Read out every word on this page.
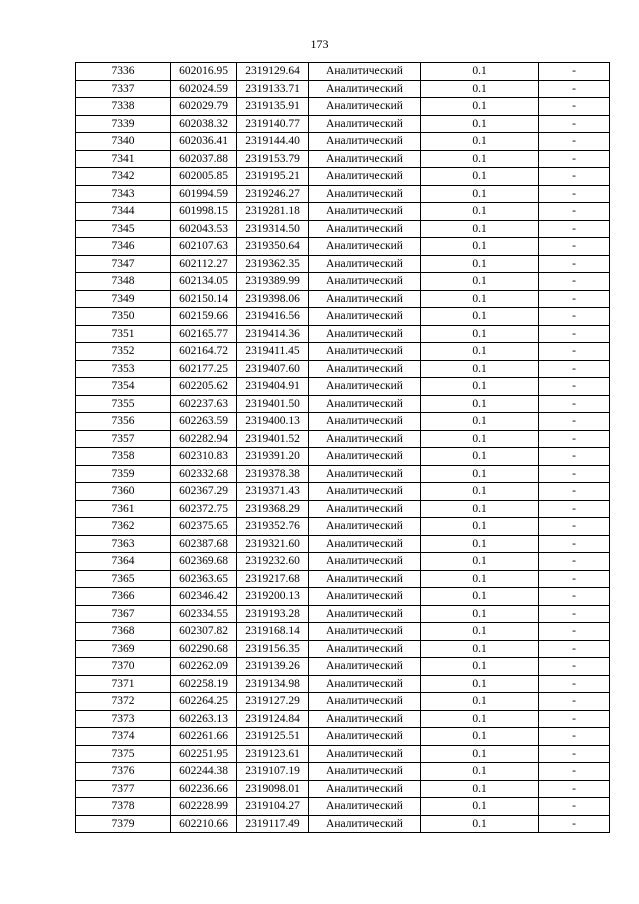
173
7336	602016.95	2319129.64	Аналитический	0.1	-
7337	602024.59	2319133.71	Аналитический	0.1	-
7338	602029.79	2319135.91	Аналитический	0.1	-
7339	602038.32	2319140.77	Аналитический	0.1	-
7340	602036.41	2319144.40	Аналитический	0.1	-
7341	602037.88	2319153.79	Аналитический	0.1	-
7342	602005.85	2319195.21	Аналитический	0.1	-
7343	601994.59	2319246.27	Аналитический	0.1	-
7344	601998.15	2319281.18	Аналитический	0.1	-
7345	602043.53	2319314.50	Аналитический	0.1	-
7346	602107.63	2319350.64	Аналитический	0.1	-
7347	602112.27	2319362.35	Аналитический	0.1	-
7348	602134.05	2319389.99	Аналитический	0.1	-
7349	602150.14	2319398.06	Аналитический	0.1	-
7350	602159.66	2319416.56	Аналитический	0.1	-
7351	602165.77	2319414.36	Аналитический	0.1	-
7352	602164.72	2319411.45	Аналитический	0.1	-
7353	602177.25	2319407.60	Аналитический	0.1	-
7354	602205.62	2319404.91	Аналитический	0.1	-
7355	602237.63	2319401.50	Аналитический	0.1	-
7356	602263.59	2319400.13	Аналитический	0.1	-
7357	602282.94	2319401.52	Аналитический	0.1	-
7358	602310.83	2319391.20	Аналитический	0.1	-
7359	602332.68	2319378.38	Аналитический	0.1	-
7360	602367.29	2319371.43	Аналитический	0.1	-
7361	602372.75	2319368.29	Аналитический	0.1	-
7362	602375.65	2319352.76	Аналитический	0.1	-
7363	602387.68	2319321.60	Аналитический	0.1	-
7364	602369.68	2319232.60	Аналитический	0.1	-
7365	602363.65	2319217.68	Аналитический	0.1	-
7366	602346.42	2319200.13	Аналитический	0.1	-
7367	602334.55	2319193.28	Аналитический	0.1	-
7368	602307.82	2319168.14	Аналитический	0.1	-
7369	602290.68	2319156.35	Аналитический	0.1	-
7370	602262.09	2319139.26	Аналитический	0.1	-
7371	602258.19	2319134.98	Аналитический	0.1	-
7372	602264.25	2319127.29	Аналитический	0.1	-
7373	602263.13	2319124.84	Аналитический	0.1	-
7374	602261.66	2319125.51	Аналитический	0.1	-
7375	602251.95	2319123.61	Аналитический	0.1	-
7376	602244.38	2319107.19	Аналитический	0.1	-
7377	602236.66	2319098.01	Аналитический	0.1	-
7378	602228.99	2319104.27	Аналитический	0.1	-
7379	602210.66	2319117.49	Аналитический	0.1	-
